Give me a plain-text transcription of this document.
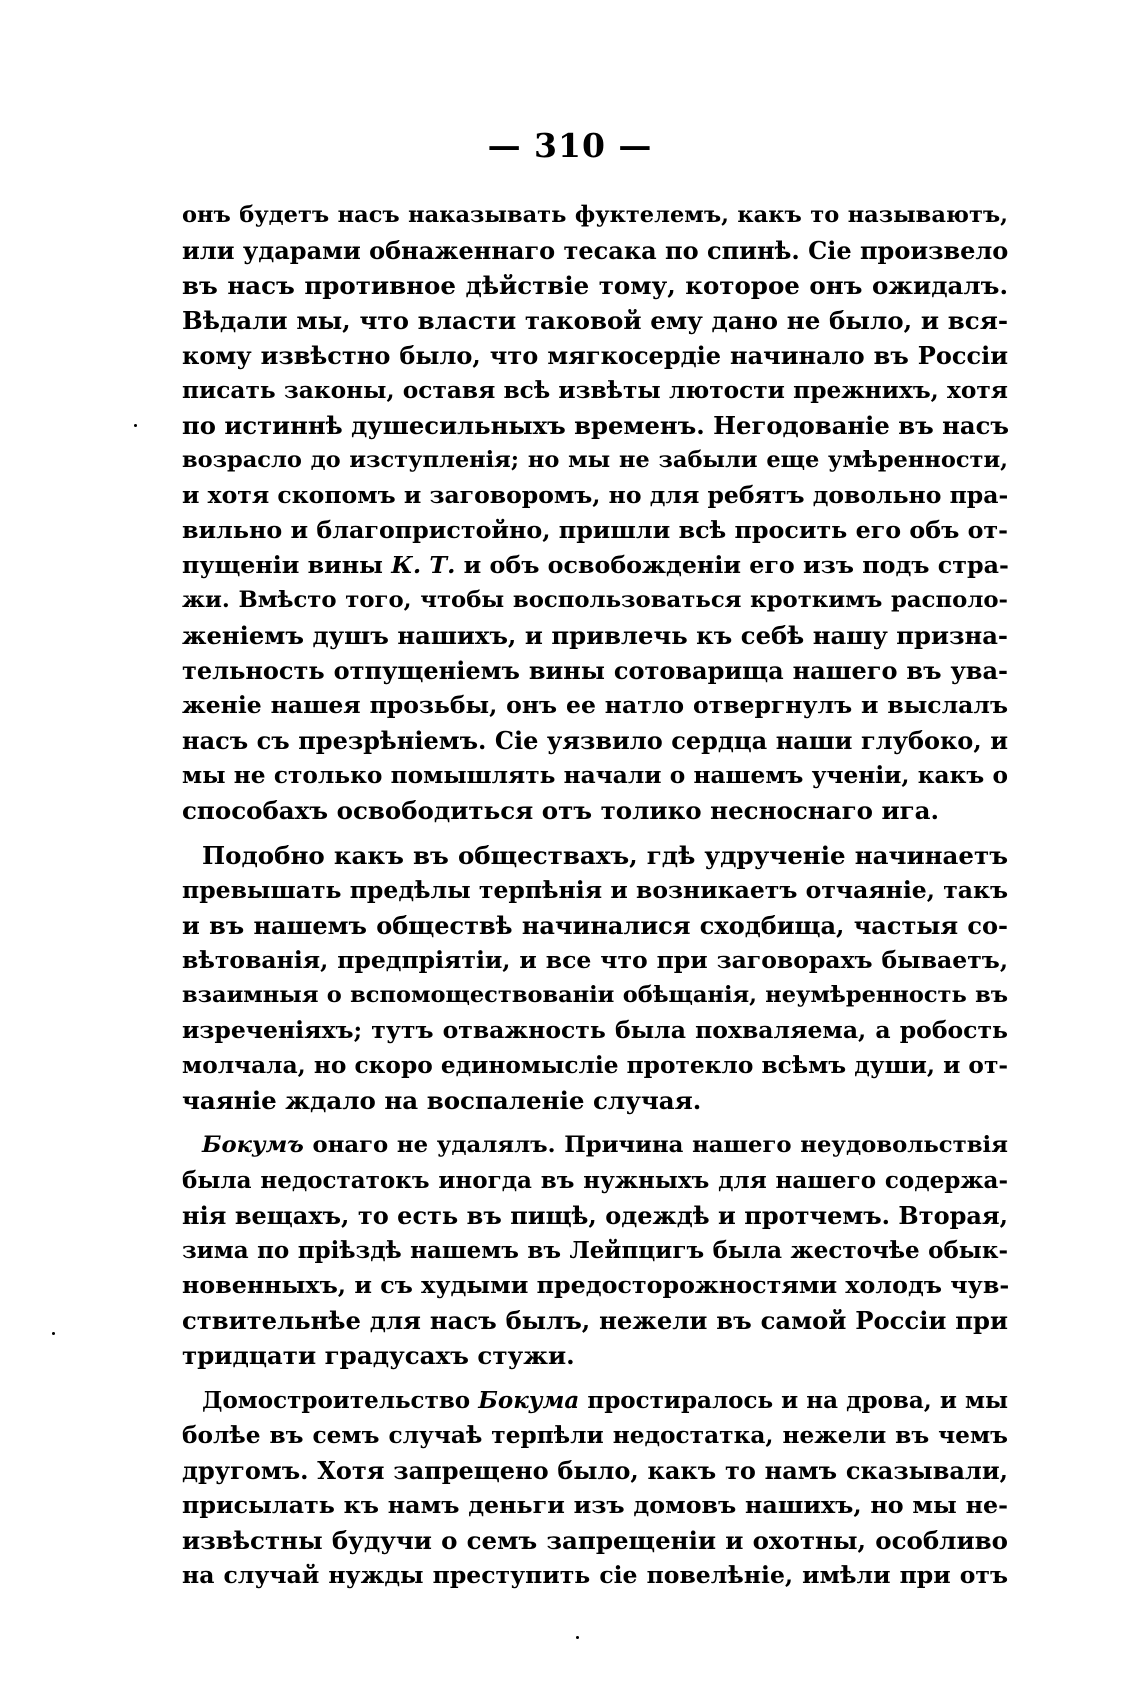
— 310 —
онъ будетъ насъ наказывать фуктелемъ, какъ то называютъ,
или ударами обнаженнаго тесака по спинѣ. Сіе произвело
въ насъ противное дѣйствіе тому, которое онъ ожидалъ.
Вѣдали мы, что власти таковой ему дано не было, и вся-
кому извѣстно было, что мягкосердіе начинало въ Россіи
писать законы, оставя всѣ извѣты лютости прежнихъ, хотя
по истиннѣ душесильныхъ временъ. Негодованіе въ насъ
возрасло до изступленія; но мы не забыли еще умѣренности,
и хотя скопомъ и заговоромъ, но для ребятъ довольно пра-
вильно и благопристойно, пришли всѣ просить его объ от-
пущеніи вины К. Т. и объ освобожденіи его изъ подъ стра-
жи. Вмѣсто того, чтобы воспользоваться кроткимъ располо-
женіемъ душъ нашихъ, и привлечь къ себѣ нашу призна-
тельность отпущеніемъ вины сотоварища нашего въ ува-
женіе нашея прозьбы, онъ ее натло отвергнулъ и выслалъ
насъ съ презрѣніемъ. Сіе уязвило сердца наши глубоко, и
мы не столько помышлять начали о нашемъ ученіи, какъ о
способахъ освободиться отъ толико несноснаго ига.
Подобно какъ въ обществахъ, гдѣ удрученіе начинаетъ
превышать предѣлы терпѣнія и возникаетъ отчаяніе, такъ
и въ нашемъ обществѣ начиналися сходбища, частыя со-
вѣтованія, предпріятіи, и все что при заговорахъ бываетъ,
взаимныя о вспомоществованіи обѣщанія, неумѣренность въ
изреченіяхъ; тутъ отважность была похваляема, а робость
молчала, но скоро единомысліе протекло всѣмъ души, и от-
чаяніе ждало на воспаленіе случая.
Бокумъ онаго не удалялъ. Причина нашего неудовольствія
была недостатокъ иногда въ нужныхъ для нашего содержа-
нія вещахъ, то есть въ пищѣ, одеждѣ и протчемъ. Вторая,
зима по пріѣздѣ нашемъ въ Лейпцигъ была жесточѣе обык-
новенныхъ, и съ худыми предосторожностями холодъ чув-
ствительнѣе для насъ былъ, нежели въ самой Россіи при
тридцати градусахъ стужи.
Домостроительство Бокума простиралось и на дрова, и мы
болѣе въ семъ случаѣ терпѣли недостатка, нежели въ чемъ
другомъ. Хотя запрещено было, какъ то намъ сказывали,
присылать къ намъ деньги изъ домовъ нашихъ, но мы не-
извѣстны будучи о семъ запрещеніи и охотны, особливо
на случай нужды преступить сіе повелѣніе, имѣли при отъ
